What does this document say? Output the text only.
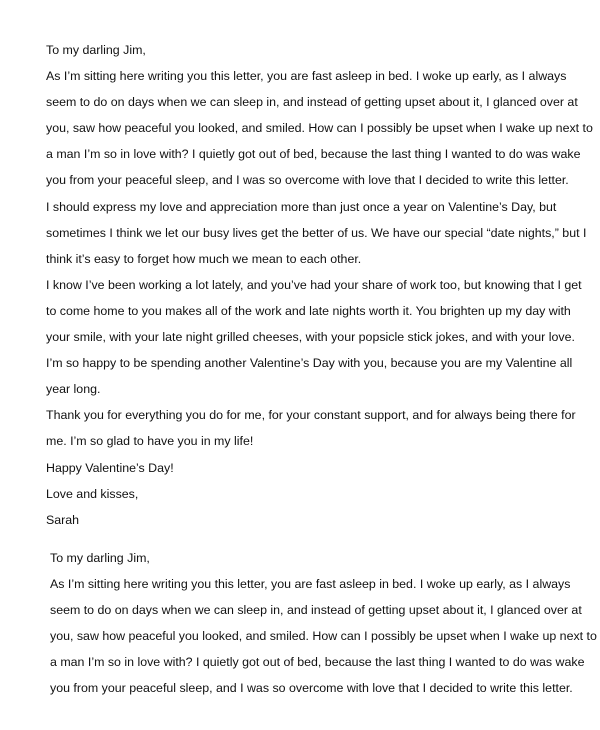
To my darling Jim,

As I’m sitting here writing you this letter, you are fast asleep in bed. I woke up early, as I always

seem to do on days when we can sleep in, and instead of getting upset about it, I glanced over at

you, saw how peaceful you looked, and smiled. How can I possibly be upset when I wake up next to

a man I’m so in love with? I quietly got out of bed, because the last thing I wanted to do was wake

you from your peaceful sleep, and I was so overcome with love that I decided to write this letter.

I should express my love and appreciation more than just once a year on Valentine’s Day, but

sometimes I think we let our busy lives get the better of us. We have our special “date nights,” but I

think it’s easy to forget how much we mean to each other.

I know I’ve been working a lot lately, and you’ve had your share of work too, but knowing that I get

to come home to you makes all of the work and late nights worth it. You brighten up my day with

your smile, with your late night grilled cheeses, with your popsicle stick jokes, and with your love.

I’m so happy to be spending another Valentine’s Day with you, because you are my Valentine all

year long.

Thank you for everything you do for me, for your constant support, and for always being there for

me. I’m so glad to have you in my life!

Happy Valentine’s Day!

Love and kisses,

Sarah

To my darling Jim,

As I’m sitting here writing you this letter, you are fast asleep in bed. I woke up early, as I always

seem to do on days when we can sleep in, and instead of getting upset about it, I glanced over at

you, saw how peaceful you looked, and smiled. How can I possibly be upset when I wake up next to

a man I’m so in love with? I quietly got out of bed, because the last thing I wanted to do was wake

you from your peaceful sleep, and I was so overcome with love that I decided to write this letter.
